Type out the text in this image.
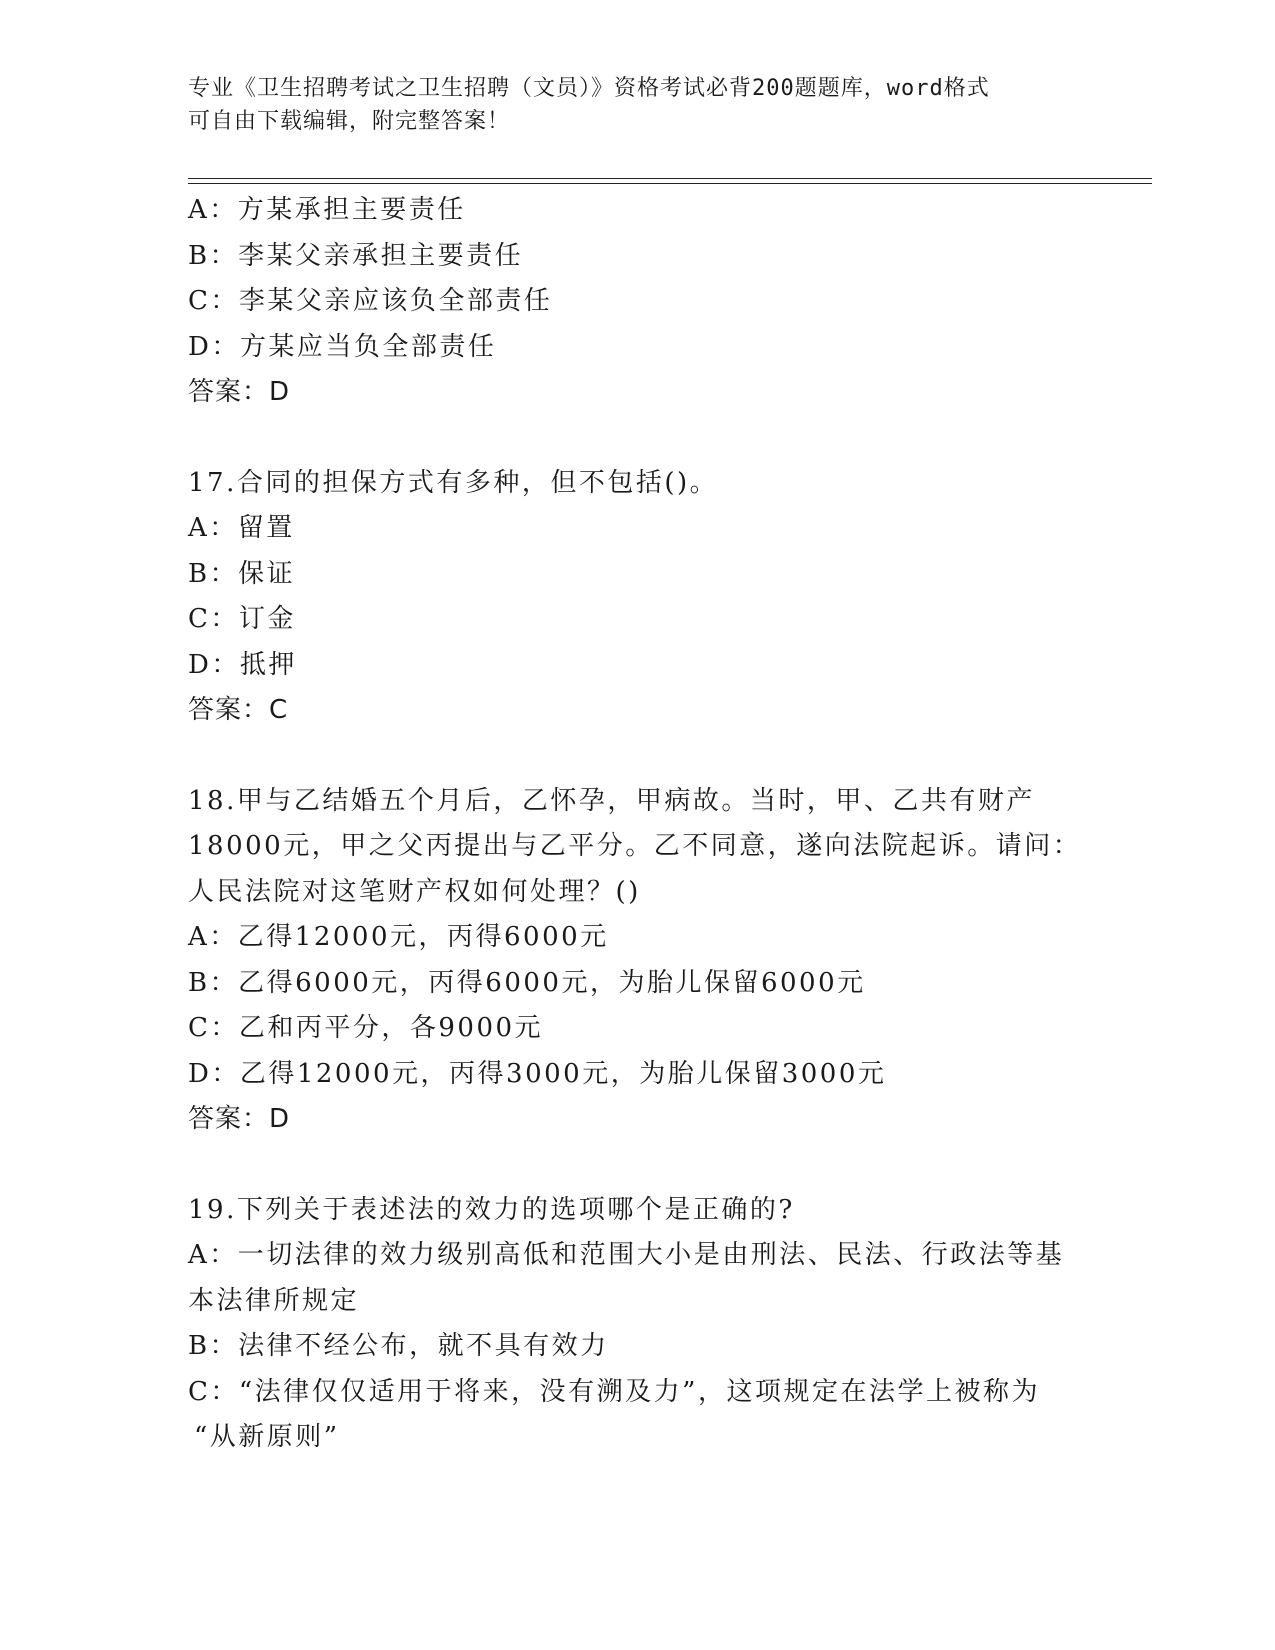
专业《卫生招聘考试之卫生招聘（文员）》资格考试必背200题题库，word格式

可自由下载编辑，附完整答案！

A：方某承担主要责任
B：李某父亲承担主要责任
C：李某父亲应该负全部责任
D：方某应当负全部责任
答案：D
17.合同的担保方式有多种，但不包括()。
A：留置
B：保证
C：订金
D：抵押
答案：C
18.甲与乙结婚五个月后，乙怀孕，甲病故。当时，甲、乙共有财产
18000元，甲之父丙提出与乙平分。乙不同意，遂向法院起诉。请问：
人民法院对这笔财产权如何处理？()
A：乙得12000元，丙得6000元
B：乙得6000元，丙得6000元，为胎儿保留6000元
C：乙和丙平分，各9000元
D：乙得12000元，丙得3000元，为胎儿保留3000元
答案：D
19.下列关于表述法的效力的选项哪个是正确的?
A：一切法律的效力级别高低和范围大小是由刑法、民法、行政法等基
本法律所规定
B：法律不经公布，就不具有效力
C：“法律仅仅适用于将来，没有溯及力”，这项规定在法学上被称为
“从新原则”
